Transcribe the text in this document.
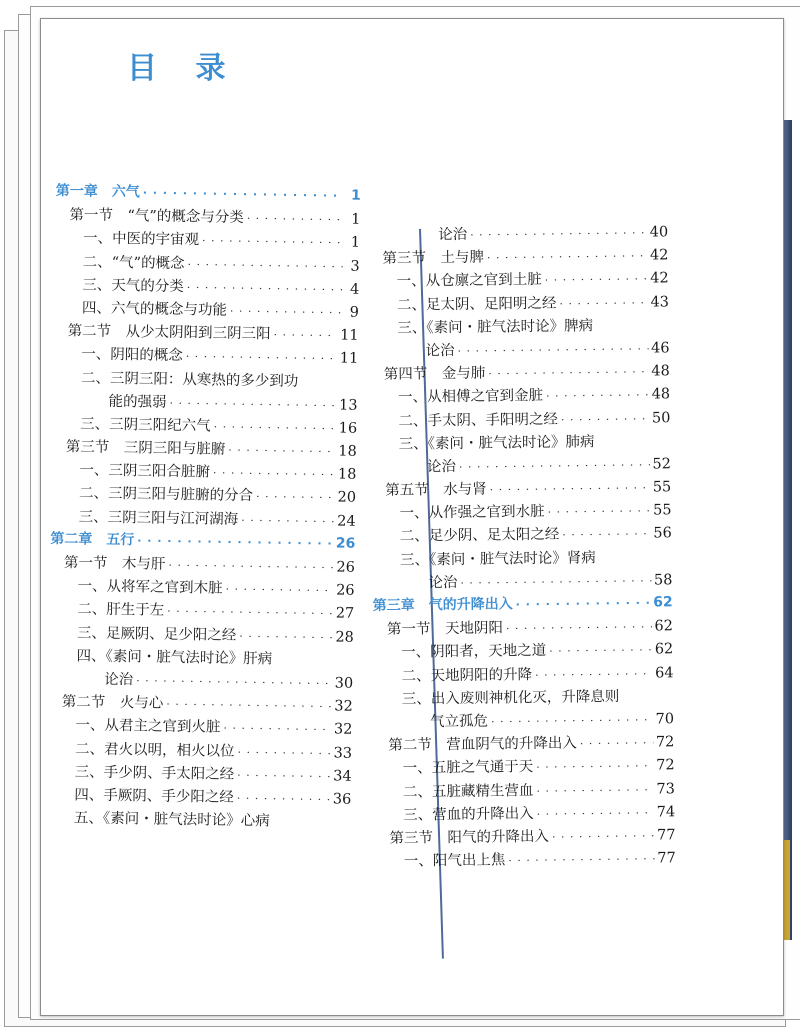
目 录
第一章　六气 · · ·	1
第一节　“气”的概念与分类 · · ·	1
一、中医的宇宙观 · · ·	1
二、“气”的概念 · · ·	3
三、天气的分类 · · ·	4
四、六气的概念与功能 · · ·	9
第二节　从少太阴阳到三阴三阳 · · ·	11
一、阴阳的概念 · · ·	11
二、三阴三阳：从寒热的多少到功
能的强弱 · · ·	13
三、三阴三阳纪六气 · · ·	16
第三节　三阴三阳与脏腑 · · ·	18
一、三阴三阳合脏腑 · · ·	18
二、三阴三阳与脏腑的分合 · · ·	20
三、三阴三阳与江河湖海 · · ·	24
第二章　五行 · · ·	26
第一节　木与肝 · · ·	26
一、从将军之官到木脏 · · ·	26
二、肝生于左 · · ·	27
三、足厥阴、足少阳之经 · · ·	28
四、《素问・脏气法时论》肝病
论治 · · ·	30
第二节　火与心 · · ·	32
一、从君主之官到火脏 · · ·	32
二、君火以明，相火以位 · · ·	33
三、手少阴、手太阳之经 · · ·	34
四、手厥阴、手少阳之经 · · ·	36
五、《素问・脏气法时论》心病
论治 · · ·	40
第三节　土与脾 · · ·	42
一、从仓廪之官到土脏 · · ·	42
二、足太阴、足阳明之经 · · ·	43
三、《素问・脏气法时论》脾病
论治 · · ·	46
第四节　金与肺 · · ·	48
一、从相傅之官到金脏 · · ·	48
二、手太阴、手阳明之经 · · ·	50
三、《素问・脏气法时论》肺病
论治 · · ·	52
第五节　水与肾 · · ·	55
一、从作强之官到水脏 · · ·	55
二、足少阴、足太阳之经 · · ·	56
三、《素问・脏气法时论》肾病
论治 · · ·	58
第三章　气的升降出入 · · ·	62
第一节　天地阴阳 · · ·	62
一、阴阳者，天地之道 · · ·	62
二、天地阴阳的升降 · · ·	64
三、出入废则神机化灭，升降息则
气立孤危 · · ·	70
第二节　营血阴气的升降出入 · · ·	72
一、五脏之气通于天 · · ·	72
二、五脏藏精生营血 · · ·	73
三、营血的升降出入 · · ·	74
第三节　阳气的升降出入 · · ·	77
一、阳气出上焦 · · ·	77
